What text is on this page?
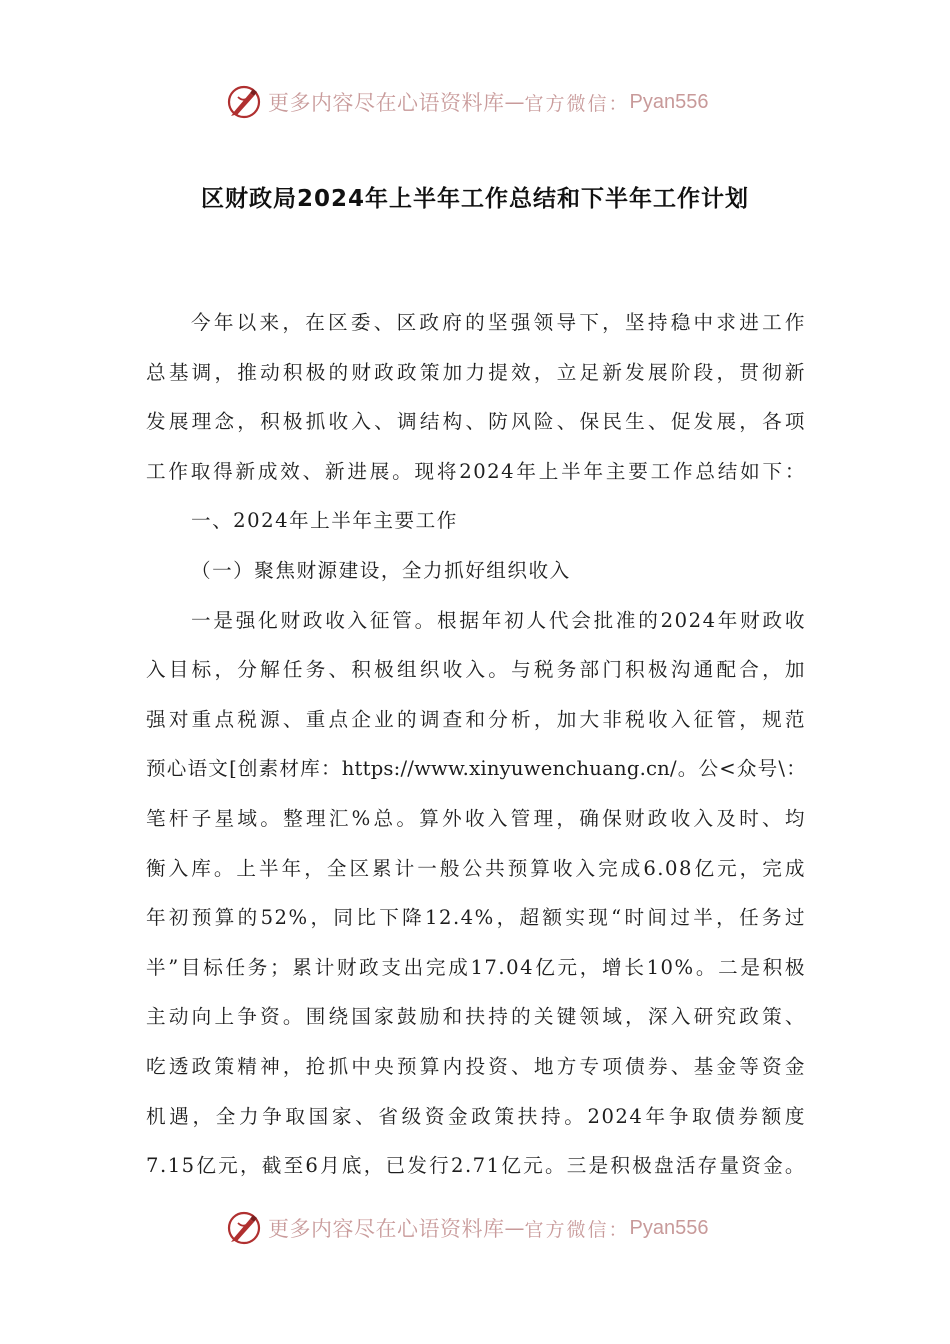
更多内容尽在心语资料库 — 官方微信： Pyan556
区财政局2024年上半年工作总结和下半年工作计划
今年以来，在区委、区政府的坚强领导下，坚持稳中求进工作
总基调，推动积极的财政政策加力提效，立足新发展阶段，贯彻新
发展理念，积极抓收入、调结构、防风险、保民生、促发展，各项
工作取得新成效、新进展。现将2024年上半年主要工作总结如下：
一、2024年上半年主要工作
（一）聚焦财源建设，全力抓好组织收入
一是强化财政收入征管。根据年初人代会批准的2024年财政收
入目标，分解任务、积极组织收入。与税务部门积极沟通配合，加
强对重点税源、重点企业的调查和分析，加大非税收入征管，规范
预心语文[创素材库：https://www.xinyuwenchuang.cn/。公<众号\：
笔杆子星域。整理汇%总。算外收入管理，确保财政收入及时、均
衡入库。上半年，全区累计一般公共预算收入完成6.08亿元，完成
年初预算的52%，同比下降12.4%，超额实现“时间过半，任务过
半”目标任务；累计财政支出完成17.04亿元，增长10%。二是积极
主动向上争资。围绕国家鼓励和扶持的关键领域，深入研究政策、
吃透政策精神，抢抓中央预算内投资、地方专项债券、基金等资金
机遇，全力争取国家、省级资金政策扶持。2024年争取债券额度
7.15亿元，截至6月底，已发行2.71亿元。三是积极盘活存量资金。
更多内容尽在心语资料库 — 官方微信： Pyan556
